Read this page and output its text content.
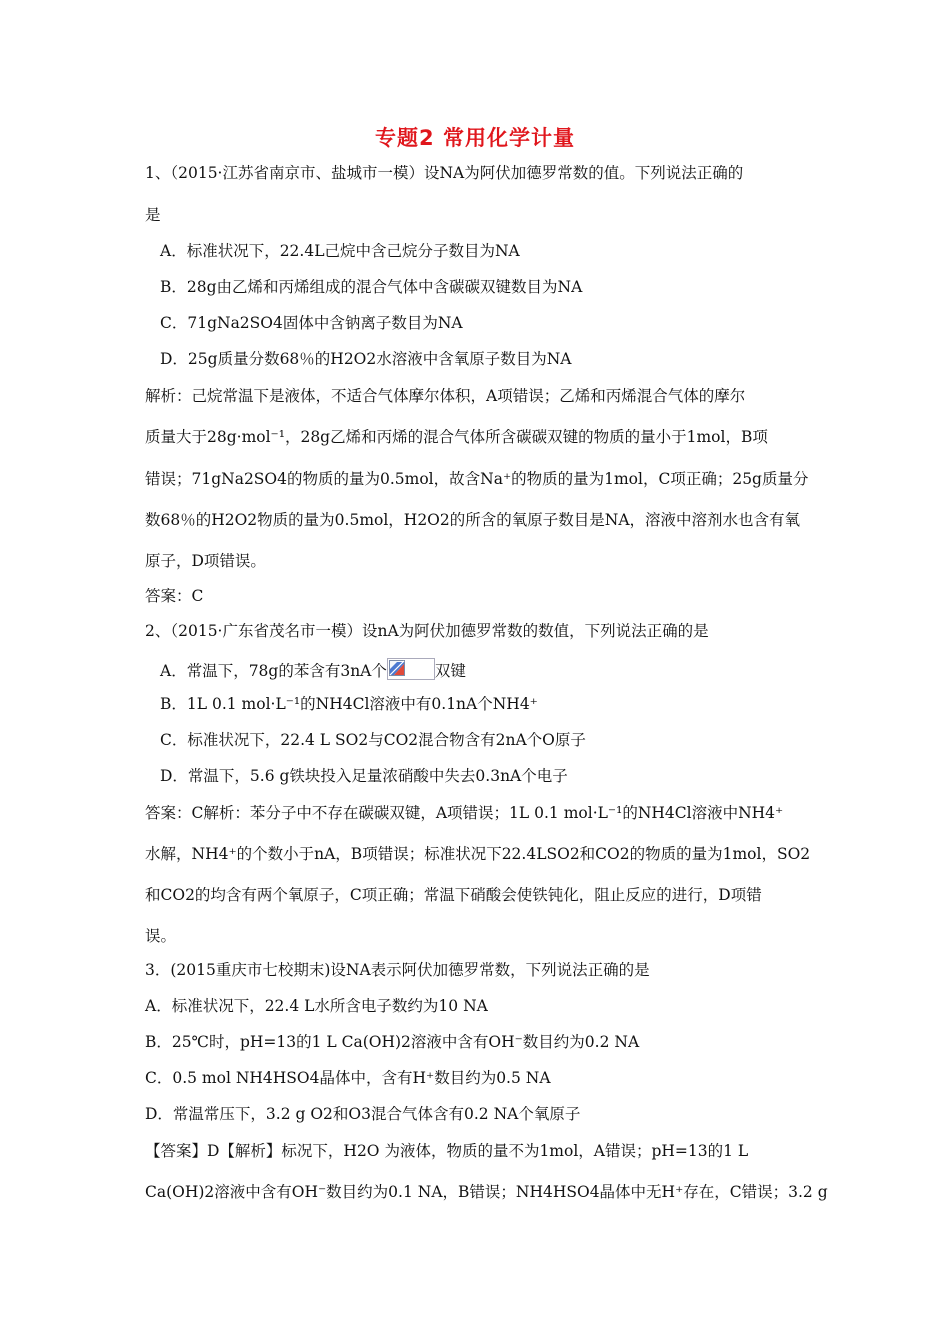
专题2 常用化学计量
1、（2015·江苏省南京市、盐城市一模）设NA为阿伏加德罗常数的值。下列说法正确的
是
A．标准状况下，22.4L己烷中含己烷分子数目为NA
B．28g由乙烯和丙烯组成的混合气体中含碳碳双键数目为NA
C．71gNa2SO4固体中含钠离子数目为NA
D．25g质量分数68％的H2O2水溶液中含氧原子数目为NA
解析：己烷常温下是液体，不适合气体摩尔体积，A项错误；乙烯和丙烯混合气体的摩尔
质量大于28g·mol⁻¹，28g乙烯和丙烯的混合气体所含碳碳双键的物质的量小于1mol，B项
错误；71gNa2SO4的物质的量为0.5mol，故含Na⁺的物质的量为1mol，C项正确；25g质量分
数68％的H2O2物质的量为0.5mol，H2O2的所含的氧原子数目是NA，溶液中溶剂水也含有氧
原子，D项错误。
答案：C
2、（2015·广东省茂名市一模）设nA为阿伏加德罗常数的数值，下列说法正确的是
A．常温下，78g的苯含有3nA个	双键
B．1L 0.1 mol·L⁻¹的NH4Cl溶液中有0.1nA个NH4⁺
C．标准状况下，22.4 L SO2与CO2混合物含有2nA个O原子
D．常温下，5.6 g铁块投入足量浓硝酸中失去0.3nA个电子
答案：C解析：苯分子中不存在碳碳双键，A项错误；1L 0.1 mol·L⁻¹的NH4Cl溶液中NH4⁺
水解，NH4⁺的个数小于nA，B项错误；标准状况下22.4LSO2和CO2的物质的量为1mol，SO2
和CO2的均含有两个氧原子，C项正确；常温下硝酸会使铁钝化，阻止反应的进行，D项错
误。
3．(2015重庆市七校期末)设NA表示阿伏加德罗常数，下列说法正确的是
A．标准状况下，22.4 L水所含电子数约为10 NA
B．25℃时，pH=13的1 L Ca(OH)2溶液中含有OH⁻数目约为0.2 NA
C．0.5 mol NH4HSO4晶体中，含有H⁺数目约为0.5 NA
D．常温常压下，3.2 g O2和O3混合气体含有0.2 NA个氧原子
【答案】D【解析】标况下，H2O 为液体，物质的量不为1mol，A错误；pH=13的1 L
Ca(OH)2溶液中含有OH⁻数目约为0.1 NA，B错误；NH4HSO4晶体中无H⁺存在，C错误；3.2 g
